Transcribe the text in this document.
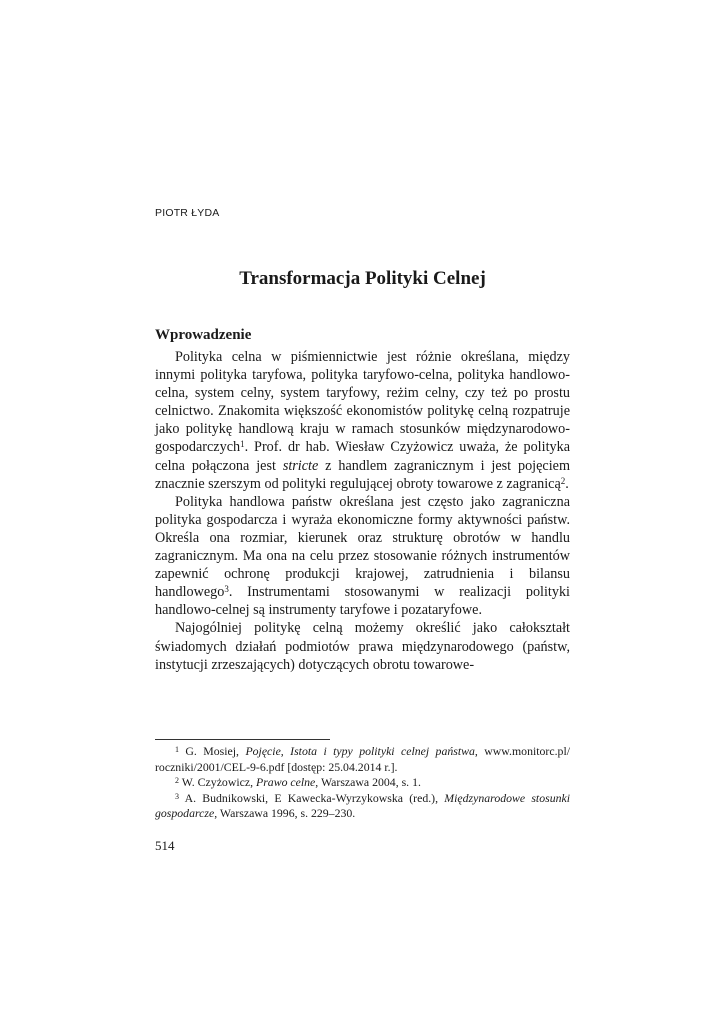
PIOTR ŁYDA
Transformacja Polityki Celnej
Wprowadzenie

Polityka celna w piśmiennictwie jest różnie określana, między innymi polityka taryfowa, polityka taryfowo-celna, polityka handlowo-celna, system celny, system taryfowy, reżim celny, czy też po prostu celnictwo. Znakomita większość ekonomistów politykę celną rozpatruje jako politykę handlową kraju w ramach stosunków międzynarodowo-gospodarczych$^1$. Prof. dr hab. Wiesław Czyżowicz uważa, że polityka celna połączona jest stricte z handlem zagranicznym i jest pojęciem znacznie szerszym od polityki regulującej obroty towarowe z zagranicą$^2$.

Polityka handlowa państw określana jest często jako zagraniczna polityka gospodarcza i wyraża ekonomiczne formy aktywności państw. Określa ona rozmiar, kierunek oraz strukturę obrotów w handlu zagranicznym. Ma ona na celu przez stosowanie różnych instrumentów zapewnić ochronę produkcji krajowej, zatrudnienia i bilansu handlowego$^3$. Instrumentami stosowanymi w realizacji polityki handlowo-celnej są instrumenty taryfowe i pozataryfowe.

Najogólniej politykę celną możemy określić jako całokształt świadomych działań podmiotów prawa międzynarodowego (państw, instytucji zrzeszających) dotyczących obrotu towarowe-

$^1$ G. Mosiej, Pojęcie, Istota i typy polityki celnej państwa, www.monitorc.pl/ roczniki/2001/CEL-9-6.pdf [dostęp: 25.04.2014 r.].

$^2$ W. Czyżowicz, Prawo celne, Warszawa 2004, s. 1.

$^3$ A. Budnikowski, E Kawecka-Wyrzykowska (red.), Międzynarodowe stosunki gospodarcze, Warszawa 1996, s. 229–230.

514
